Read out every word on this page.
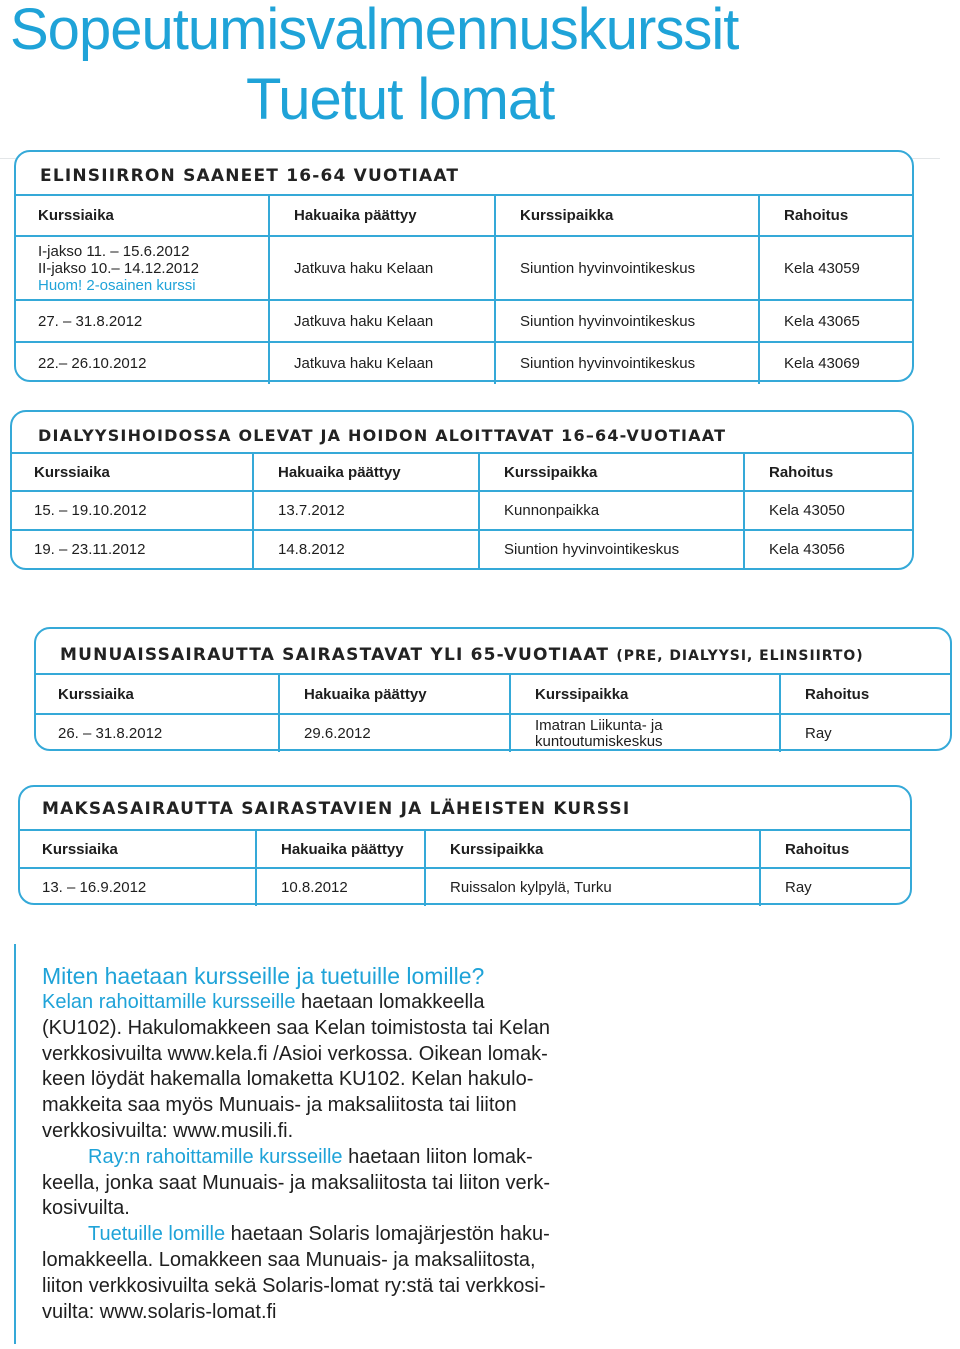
Sopeutumisvalmennuskurssit
Tuetut lomat
ELINSIIRRON SAANEET 16-64 VUOTIAAT
Kurssiaika	Hakuaika päättyy	Kurssipaikka	Rahoitus

I-jakso 11. – 15.6.2012
II-jakso 10.– 14.12.2012
Huom! 2-osainen kurssi	Jatkuva haku Kelaan	Siuntion hyvinvointikeskus	Kela 43059
27. – 31.8.2012	Jatkuva haku Kelaan	Siuntion hyvinvointikeskus	Kela 43065
22.– 26.10.2012	Jatkuva haku Kelaan	Siuntion hyvinvointikeskus	Kela 43069
DIALYYSIHOIDOSSA OLEVAT JA HOIDON ALOITTAVAT 16–64-VUOTIAAT
Kurssiaika	Hakuaika päättyy	Kurssipaikka	Rahoitus
15. – 19.10.2012	13.7.2012	Kunnonpaikka	Kela 43050
19. – 23.11.2012	14.8.2012	Siuntion hyvinvointikeskus	Kela 43056
MUNUAISSAIRAUTTA SAIRASTAVAT YLI 65-VUOTIAAT (PRE, DIALYYSI, ELINSIIRTO)
Kurssiaika	Hakuaika päättyy	Kurssipaikka	Rahoitus
26. – 31.8.2012	29.6.2012	Imatran Liikunta- ja
kuntoutumiskeskus	Ray
MAKSASAIRAUTTA SAIRASTAVIEN JA LÄHEISTEN KURSSI
Kurssiaika	Hakuaika päättyy	Kurssipaikka	Rahoitus
13. – 16.9.2012	10.8.2012	Ruissalon kylpylä, Turku	Ray
Miten haetaan kursseille ja tuetuille lomille?

Kelan rahoittamille kursseille haetaan lomakkeella
(KU102). Hakulomakkeen saa Kelan toimistosta tai Kelan
verkkosivuilta www.kela.fi /Asioi verkossa. Oikean lomak-
keen löydät hakemalla lomaketta KU102. Kelan hakulo-
makkeita saa myös Munuais- ja maksaliitosta tai liiton
verkkosivuilta: www.musili.fi.

Ray:n rahoittamille kursseille haetaan liiton lomak-
keella, jonka saat Munuais- ja maksaliitosta tai liiton verk-
kosivuilta.

Tuetuille lomille haetaan Solaris lomajärjestön haku-
lomakkeella. Lomakkeen saa Munuais- ja maksaliitosta,
liiton verkkosivuilta sekä Solaris-lomat ry:stä tai verkkosi-
vuilta: www.solaris-lomat.fi
